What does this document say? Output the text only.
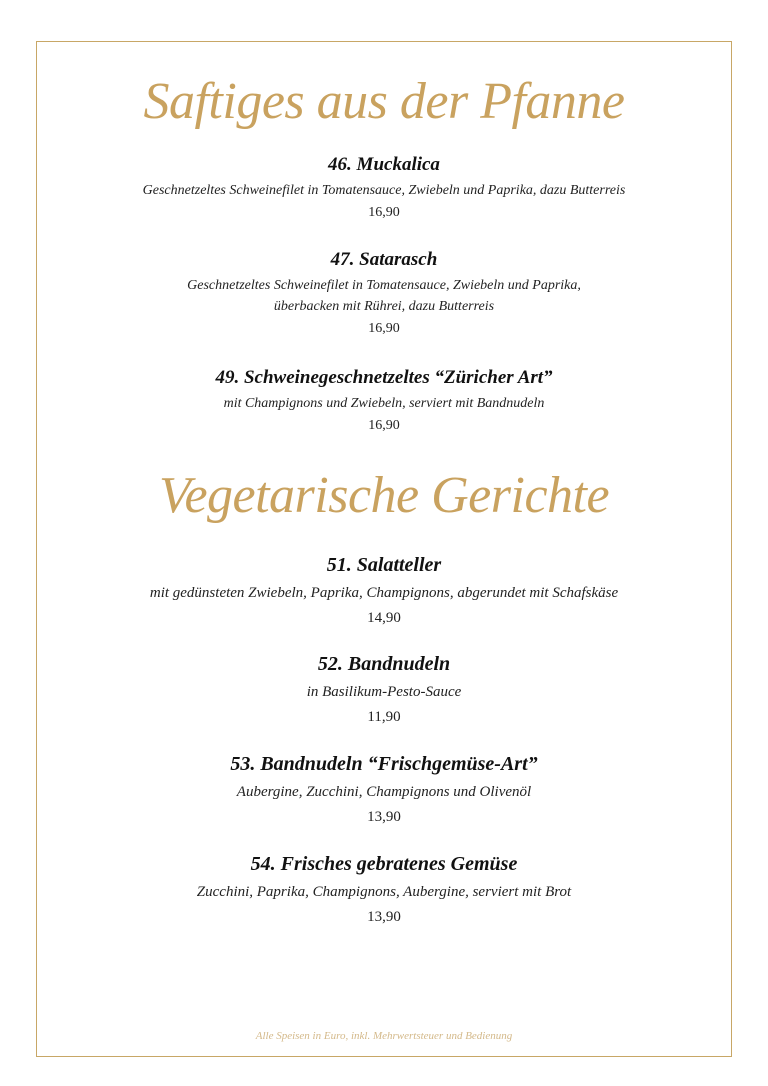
Saftiges aus der Pfanne
46. Muckalica
Geschnetzeltes Schweinefilet in Tomatensauce, Zwiebeln und Paprika, dazu Butterreis
16,90
47. Satarasch
Geschnetzeltes Schweinefilet in Tomatensauce, Zwiebeln und Paprika,
überbacken mit Rührei, dazu Butterreis
16,90
49. Schweinegeschnetzeltes “Züricher Art”
mit Champignons und Zwiebeln, serviert mit Bandnudeln
16,90
Vegetarische Gerichte
51. Salatteller
mit gedünsteten Zwiebeln, Paprika, Champignons, abgerundet mit Schafskäse
14,90
52. Bandnudeln
in Basilikum-Pesto-Sauce
11,90
53. Bandnudeln “Frischgemüse-Art”
Aubergine, Zucchini, Champignons und Olivenöl
13,90
54. Frisches gebratenes Gemüse
Zucchini, Paprika, Champignons, Aubergine, serviert mit Brot
13,90
Alle Speisen in Euro, inkl. Mehrwertsteuer und Bedienung
